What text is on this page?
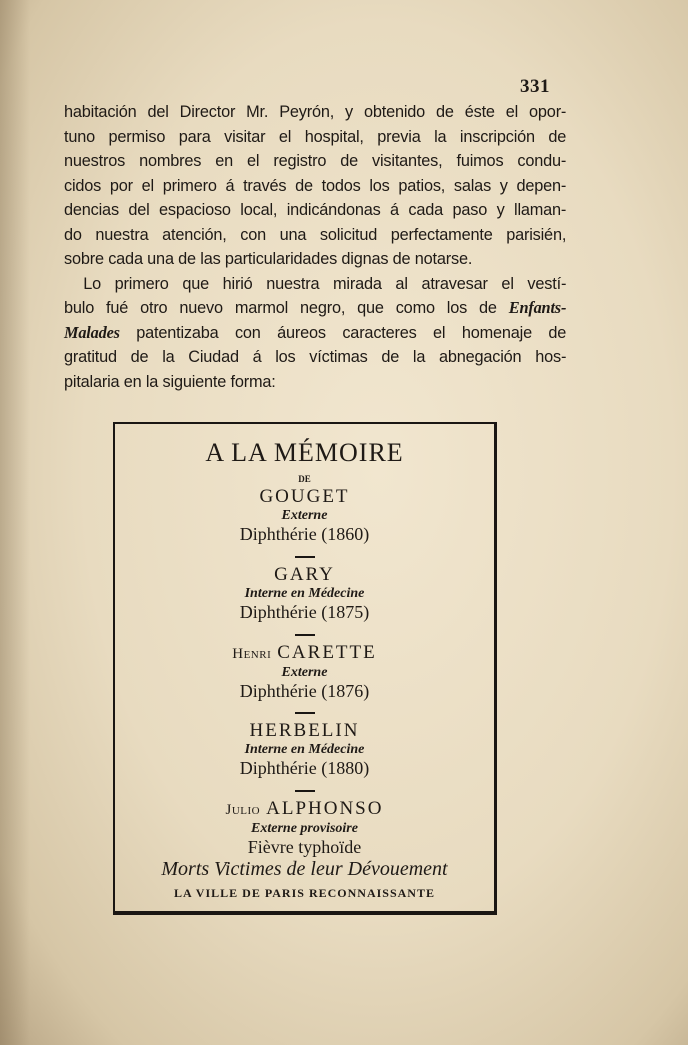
331
habitación del Director Mr. Peyrón, y obtenido de éste el opor-
tuno permiso para visitar el hospital, previa la inscripción de
nuestros nombres en el registro de visitantes, fuimos condu-
cidos por el primero á través de todos los patios, salas y depen-
dencias del espacioso local, indicándonas á cada paso y llaman-
do nuestra atención, con una solicitud perfectamente parisién,
sobre cada una de las particularidades dignas de notarse.
Lo primero que hirió nuestra mirada al atravesar el vestí-
bulo fué otro nuevo marmol negro, que como los de Enfants-
Malades patentizaba con áureos caracteres el homenaje de
gratitud de la Ciudad á los víctimas de la abnegación hos-
pitalaria en la siguiente forma:
A LA MÉMOIRE
DE
GOUGET
Externe
Diphthérie (1860)
GARY
Interne en Médecine
Diphthérie (1875)
Henri CARETTE
Externe
Diphthérie (1876)
HERBELIN
Interne en Médecine
Diphthérie (1880)
Julio ALPHONSO
Externe provisoire
Fièvre typhoïde
Morts Victimes de leur Dévouement
LA VILLE DE PARIS RECONNAISSANTE
